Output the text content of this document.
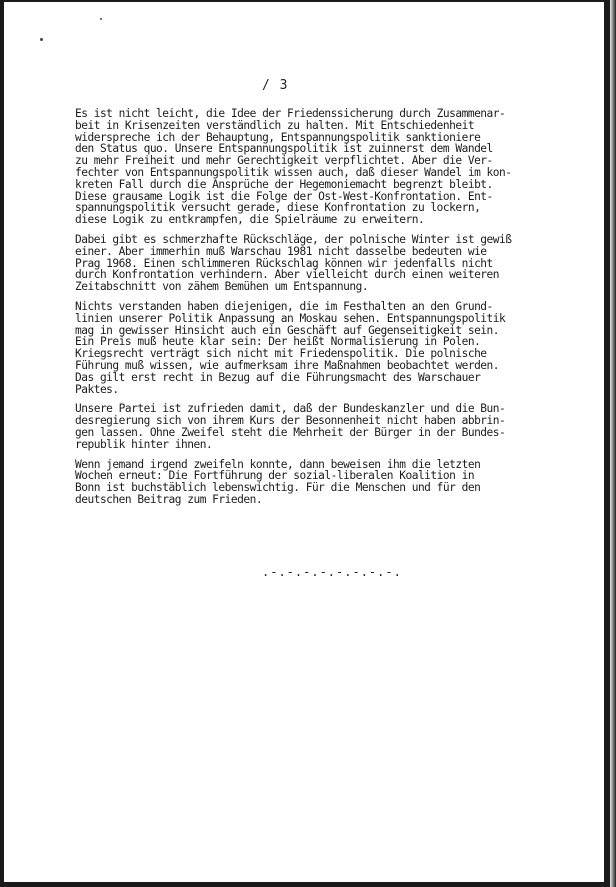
/ 3
Es ist nicht leicht, die Idee der Friedenssicherung durch Zusammenar-
beit in Krisenzeiten verständlich zu halten. Mit Entschiedenheit
widerspreche ich der Behauptung, Entspannungspolitik sanktioniere
den Status quo. Unsere Entspannungspolitik ist zuinnerst dem Wandel
zu mehr Freiheit und mehr Gerechtigkeit verpflichtet. Aber die Ver-
fechter von Entspannungspolitik wissen auch, daß dieser Wandel im kon-
kreten Fall durch die Ansprüche der Hegemoniemacht begrenzt bleibt.
Diese grausame Logik ist die Folge der Ost-West-Konfrontation. Ent-
spannungspolitik versucht gerade, diese Konfrontation zu lockern,
diese Logik zu entkrampfen, die Spielräume zu erweitern.
Dabei gibt es schmerzhafte Rückschläge, der polnische Winter ist gewiß
einer. Aber immerhin muß Warschau 1981 nicht dasselbe bedeuten wie
Prag 1968. Einen schlimmeren Rückschlag können wir jedenfalls nicht
durch Konfrontation verhindern. Aber vielleicht durch einen weiteren
Zeitabschnitt von zähem Bemühen um Entspannung.
Nichts verstanden haben diejenigen, die im Festhalten an den Grund-
linien unserer Politik Anpassung an Moskau sehen. Entspannungspolitik
mag in gewisser Hinsicht auch ein Geschäft auf Gegenseitigkeit sein.
Ein Preis muß heute klar sein: Der heißt Normalisierung in Polen.
Kriegsrecht verträgt sich nicht mit Friedenspolitik. Die polnische
Führung muß wissen, wie aufmerksam ihre Maßnahmen beobachtet werden.
Das gilt erst recht in Bezug auf die Führungsmacht des Warschauer
Paktes.
Unsere Partei ist zufrieden damit, daß der Bundeskanzler und die Bun-
desregierung sich von ihrem Kurs der Besonnenheit nicht haben abbrin-
gen lassen. Ohne Zweifel steht die Mehrheit der Bürger in der Bundes-
republik hinter ihnen.
Wenn jemand irgend zweifeln konnte, dann beweisen ihm die letzten
Wochen erneut: Die Fortführung der sozial-liberalen Koalition in
Bonn ist buchstäblich lebenswichtig. Für die Menschen und für den
deutschen Beitrag zum Frieden.
.-.-.-.-.-.-.-.-.
